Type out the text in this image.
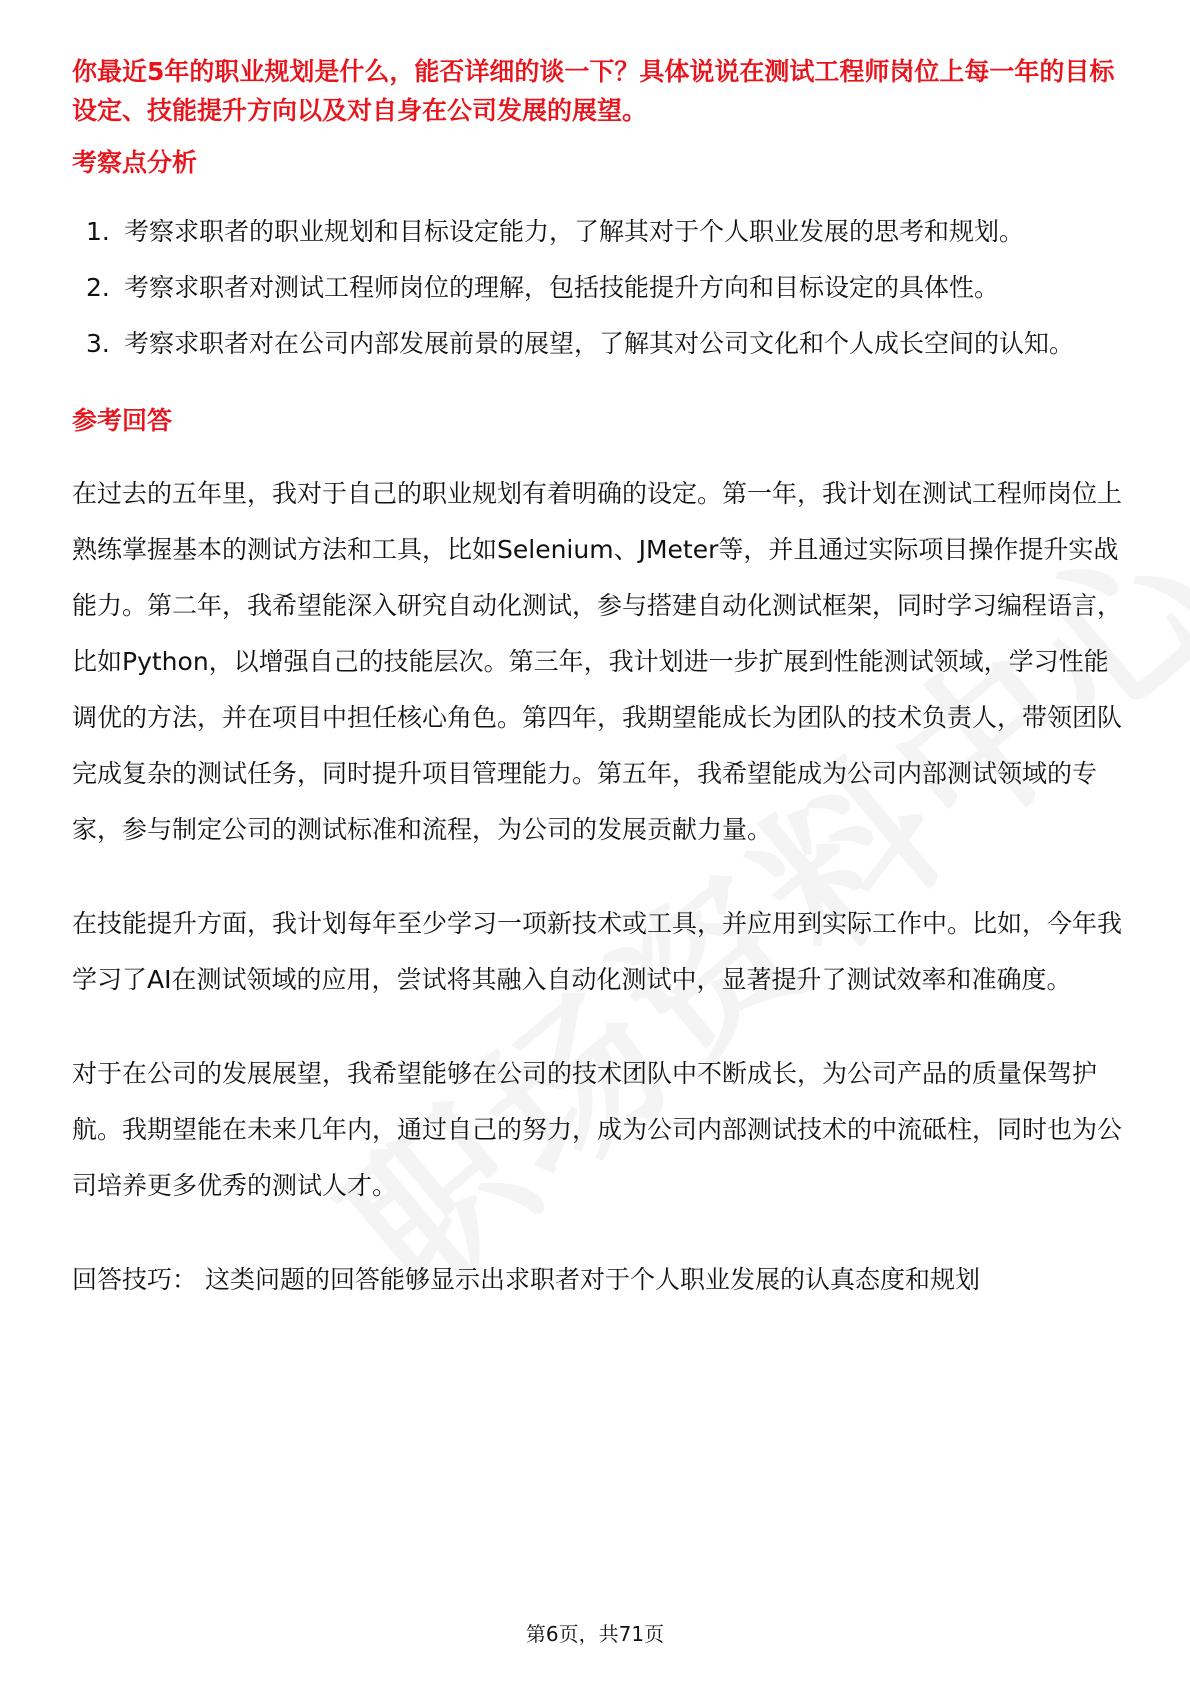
你最近5年的职业规划是什么，能否详细的谈一下？具体说说在测试工程师岗位上每一年的目标设定、技能提升方向以及对自身在公司发展的展望。

考察点分析
1. 考察求职者的职业规划和目标设定能力，了解其对于个人职业发展的思考和规划。
2. 考察求职者对测试工程师岗位的理解，包括技能提升方向和目标设定的具体性。
3. 考察求职者对在公司内部发展前景的展望，了解其对公司文化和个人成长空间的认知。
参考回答

在过去的五年里，我对于自己的职业规划有着明确的设定。第一年，我计划在测试工程师岗位上熟练掌握基本的测试方法和工具，比如Selenium、JMeter等，并且通过实际项目操作提升实战能力。第二年，我希望能深入研究自动化测试，参与搭建自动化测试框架，同时学习编程语言，比如Python，以增强自己的技能层次。第三年，我计划进一步扩展到性能测试领域，学习性能调优的方法，并在项目中担任核心角色。第四年，我期望能成长为团队的技术负责人，带领团队完成复杂的测试任务，同时提升项目管理能力。第五年，我希望能成为公司内部测试领域的专家，参与制定公司的测试标准和流程，为公司的发展贡献力量。

在技能提升方面，我计划每年至少学习一项新技术或工具，并应用到实际工作中。比如，今年我学习了AI在测试领域的应用，尝试将其融入自动化测试中，显著提升了测试效率和准确度。

对于在公司的发展展望，我希望能够在公司的技术团队中不断成长，为公司产品的质量保驾护航。我期望能在未来几年内，通过自己的努力，成为公司内部测试技术的中流砥柱，同时也为公司培养更多优秀的测试人才。

回答技巧： 这类问题的回答能够显示出求职者对于个人职业发展的认真态度和规划

第6页，共71页
